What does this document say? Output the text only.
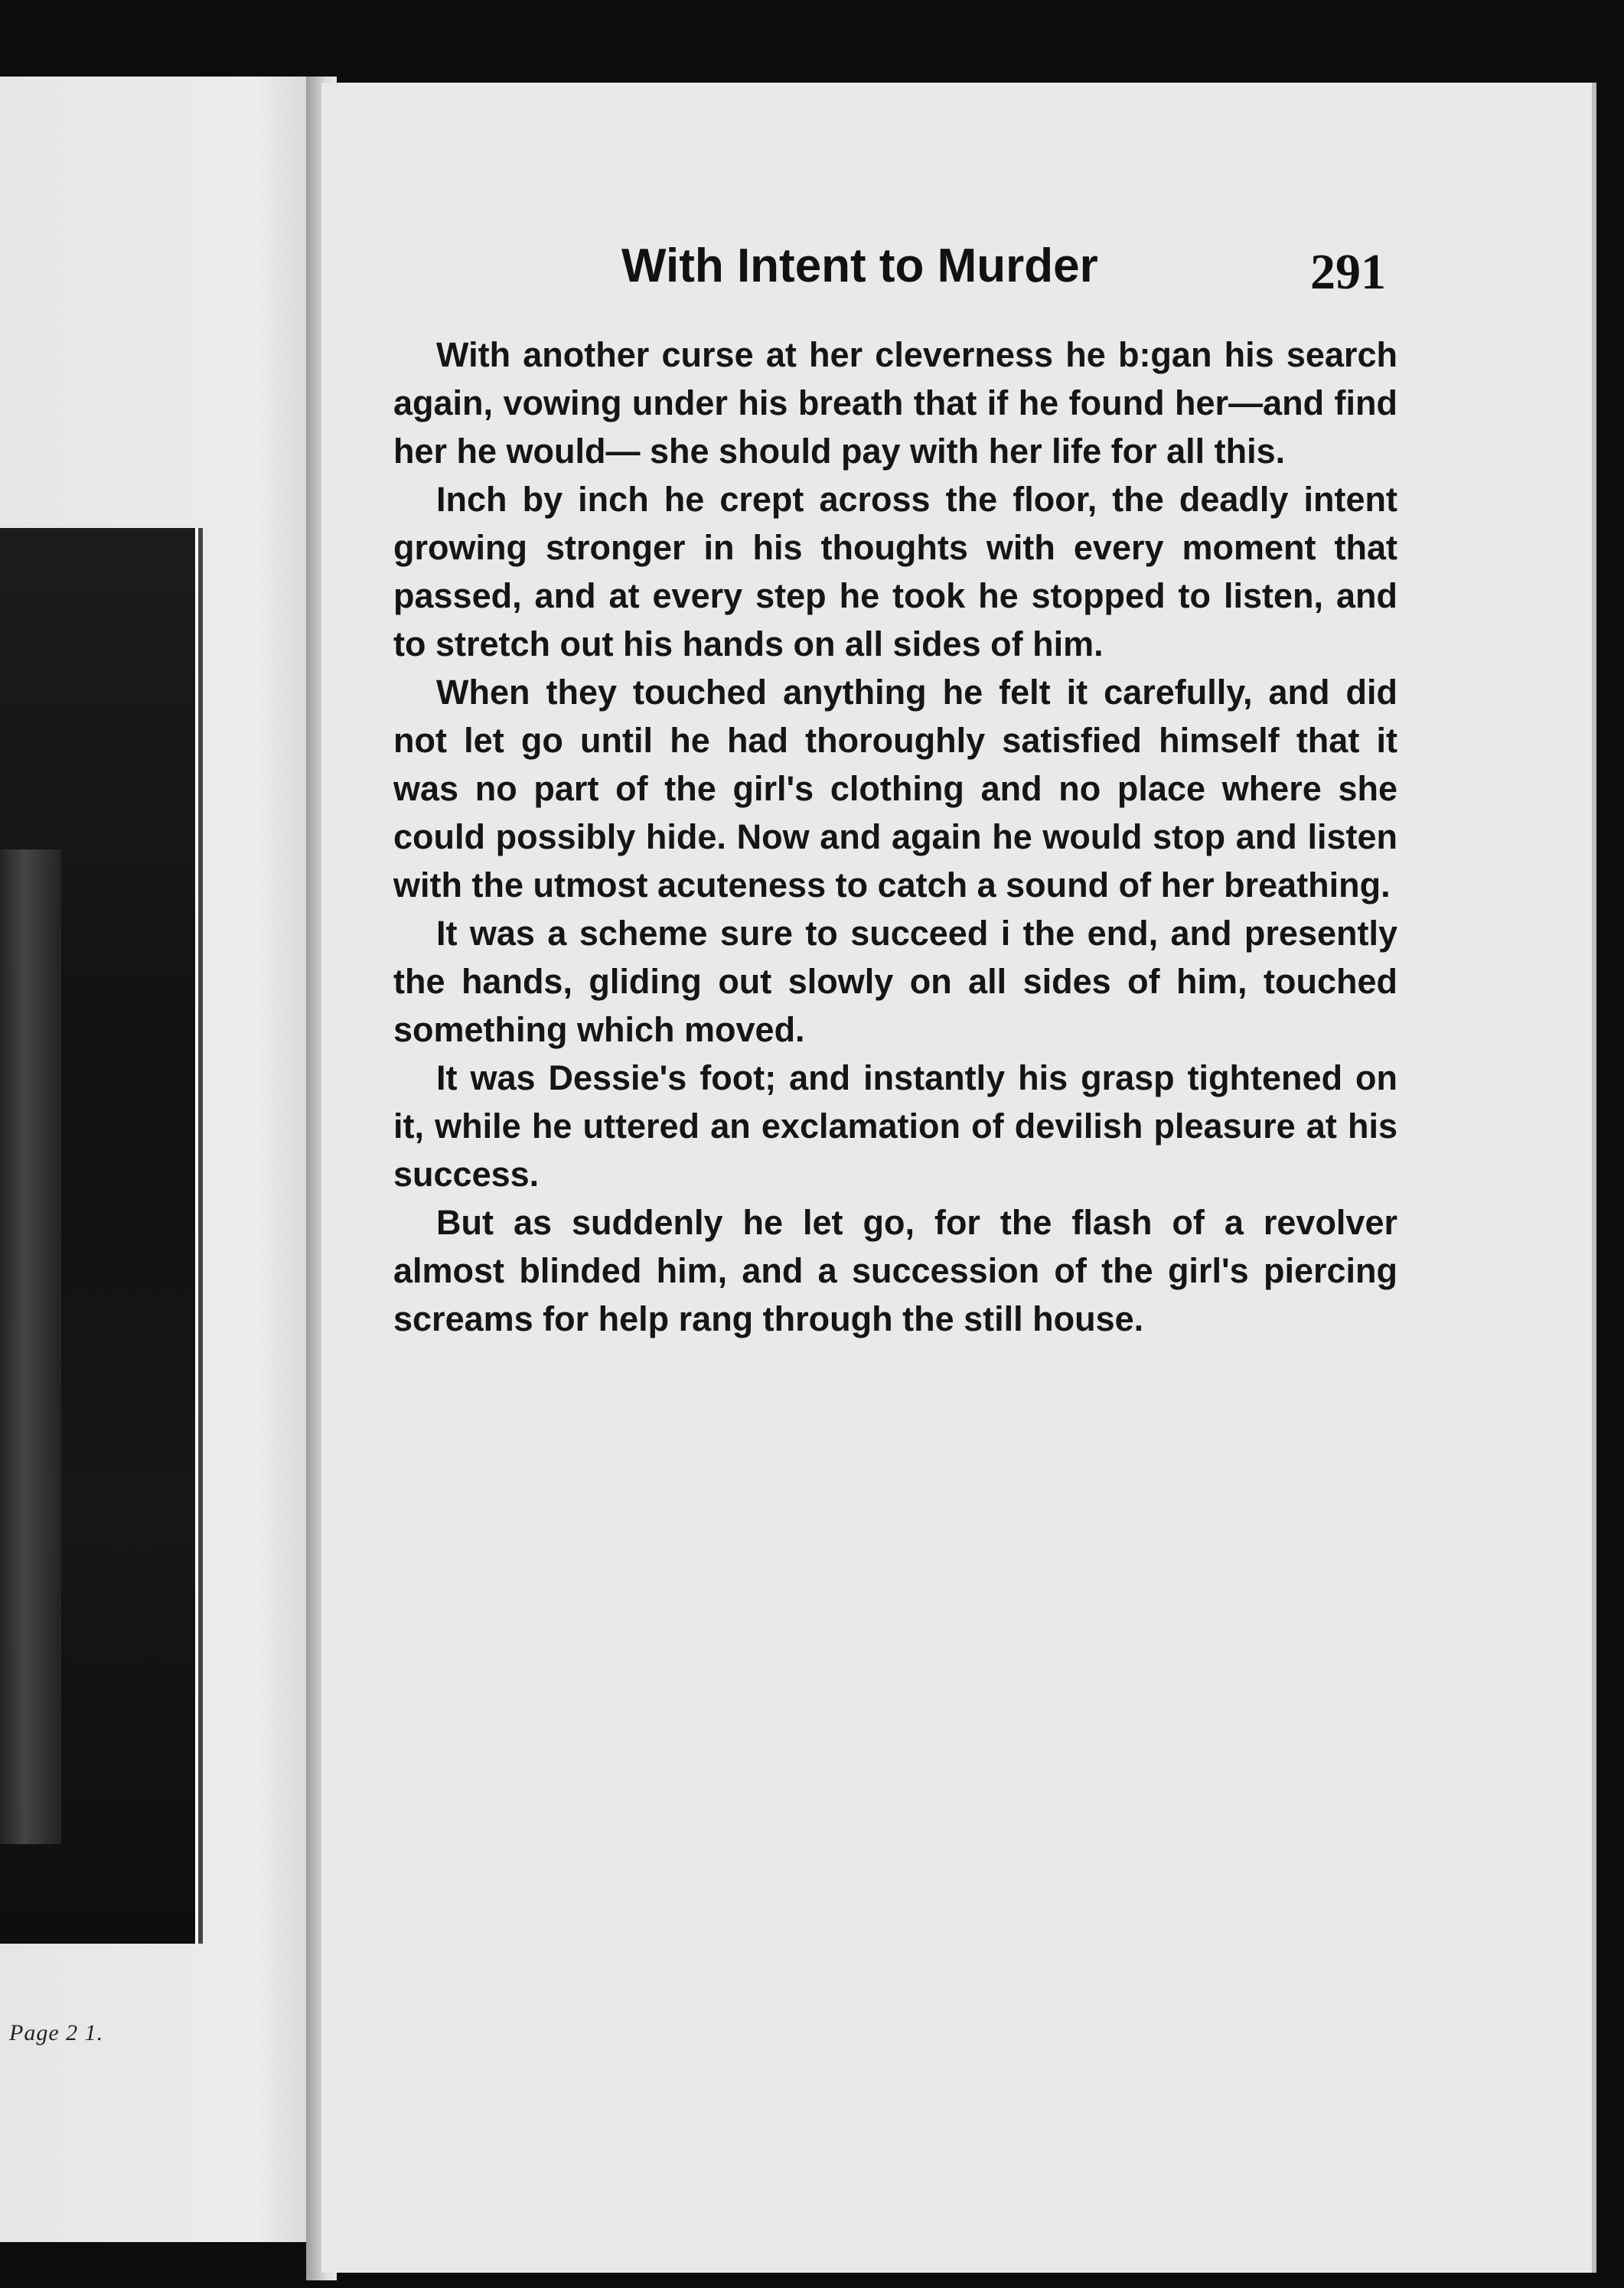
Page 2 1.
With Intent to Murder	291

With another curse at her cleverness he b:gan his search again, vowing under his breath that if he found her—and find her he would— she should pay with her life for all this.

Inch by inch he crept across the floor, the deadly intent growing stronger in his thoughts with every moment that passed, and at every step he took he stopped to listen, and to stretch out his hands on all sides of him.

When they touched anything he felt it carefully, and did not let go until he had thoroughly satisfied himself that it was no part of the girl's clothing and no place where she could possibly hide. Now and again he would stop and listen with the utmost acuteness to catch a sound of her breathing.

It was a scheme sure to succeed i the end, and presently the hands, gliding out slowly on all sides of him, touched something which moved.

It was Dessie's foot; and instantly his grasp tightened on it, while he uttered an exclamation of devilish pleasure at his success.

But as suddenly he let go, for the flash of a revolver almost blinded him, and a succession of the girl's piercing screams for help rang through the still house.
